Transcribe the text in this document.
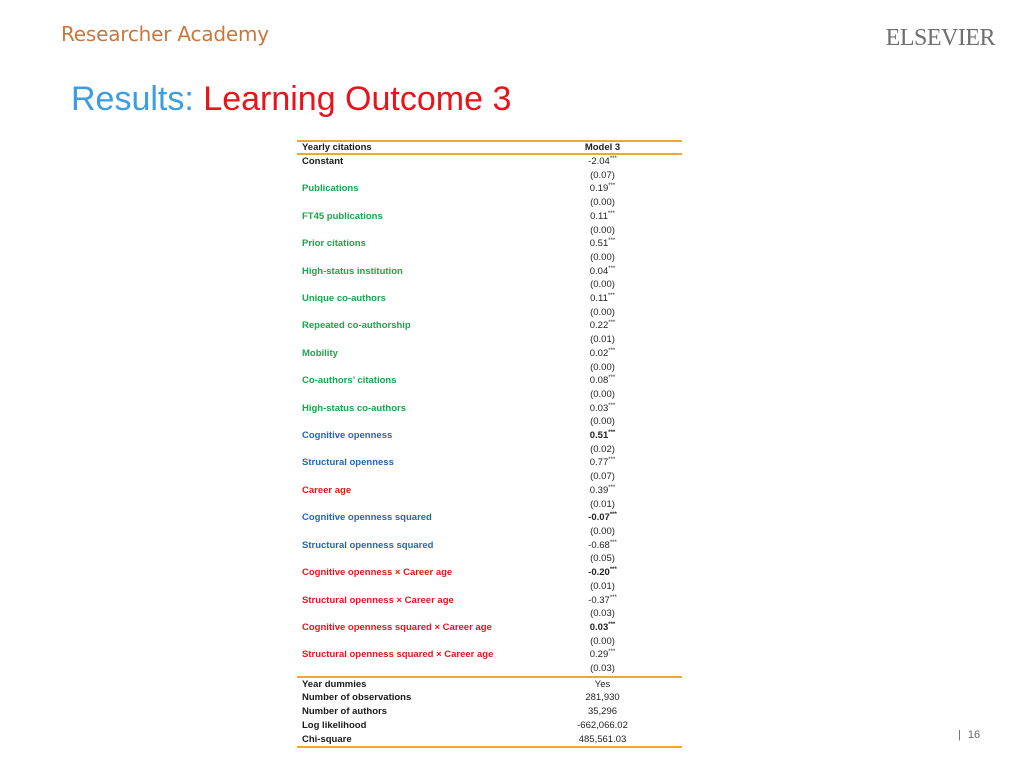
Researcher Academy	ELSEVIER
Results: Learning Outcome 3
Yearly citations	Model 3
Constant	-2.04***
	(0.07)
Publications	0.19***
	(0.00)
FT45 publications	0.11***
	(0.00)
Prior citations	0.51***
	(0.00)
High-status institution	0.04***
	(0.00)
Unique co-authors	0.11***
	(0.00)
Repeated co-authorship	0.22***
	(0.01)
Mobility	0.02***
	(0.00)
Co-authors’ citations	0.08***
	(0.00)
High-status co-authors	0.03***
	(0.00)
Cognitive openness	0.51***
	(0.02)
Structural openness	0.77***
	(0.07)
Career age	0.39***
	(0.01)
Cognitive openness squared	-0.07***
	(0.00)
Structural openness squared	-0.68***
	(0.05)
Cognitive openness × Career age	-0.20***
	(0.01)
Structural openness × Career age	-0.37***
	(0.03)
Cognitive openness squared × Career age	0.03***
	(0.00)
Structural openness squared × Career age	0.29***
	(0.03)
Year dummies	Yes
Number of observations	281,930
Number of authors	35,296
Log likelihood	-662,066.02
Chi-square	485,561.03	| 16
